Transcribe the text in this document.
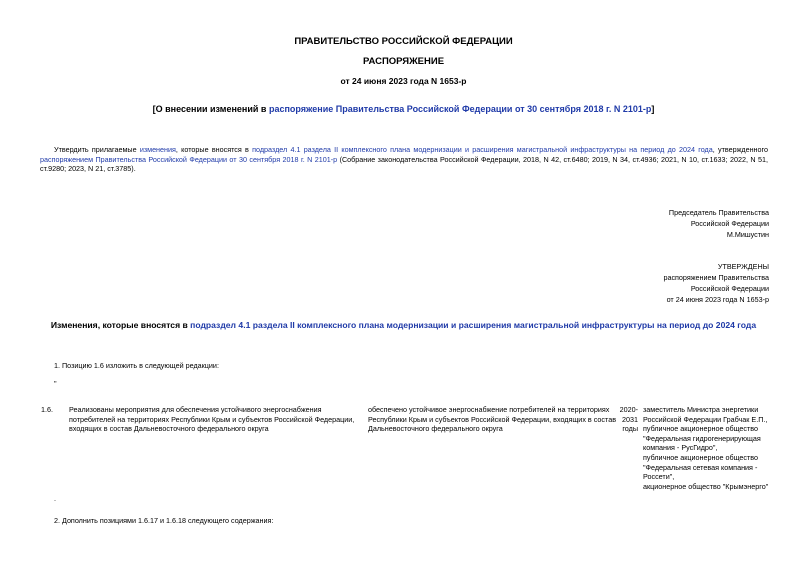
ПРАВИТЕЛЬСТВО РОССИЙСКОЙ ФЕДЕРАЦИИ
РАСПОРЯЖЕНИЕ
от 24 июня 2023 года N 1653-р
[О внесении изменений в распоряжение Правительства Российской Федерации от 30 сентября 2018 г. N 2101-р]
Утвердить прилагаемые изменения, которые вносятся в подраздел 4.1 раздела II комплексного плана модернизации и расширения магистральной инфраструктуры на период до 2024 года, утвержденного распоряжением Правительства Российской Федерации от 30 сентября 2018 г. N 2101-р (Собрание законодательства Российской Федерации, 2018, N 42, ст.6480; 2019, N 34, ст.4936; 2021, N 10, ст.1633; 2022, N 51, ст.9280; 2023, N 21, ст.3785).
Председатель Правительства
Российской Федерации
М.Мишустин
УТВЕРЖДЕНЫ
распоряжением Правительства
Российской Федерации
от 24 июня 2023 года N 1653-р
Изменения, которые вносятся в подраздел 4.1 раздела II комплексного плана модернизации и расширения магистральной инфраструктуры на период до 2024 года
1. Позицию 1.6 изложить в следующей редакции:
"
1.6. Реализованы мероприятия для обеспечения устойчивого энергоснабжения потребителей на территориях Республики Крым и субъектов Российской Федерации, входящих в состав Дальневосточного федерального округа
обеспечено устойчивое энергоснабжение потребителей на территориях Республики Крым и субъектов Российской Федерации, входящих в состав Дальневосточного федерального округа
2020-
2031
годы
заместитель Министра энергетики
Российской Федерации Грабчак Е.П.,
публичное акционерное общество
"Федеральная гидрогенерирующая
компания - РусГидро",
публичное акционерное общество
"Федеральная сетевая компания -
Россети",
акционерное общество "Крымэнерго"
.
2. Дополнить позициями 1.6.17 и 1.6.18 следующего содержания:
